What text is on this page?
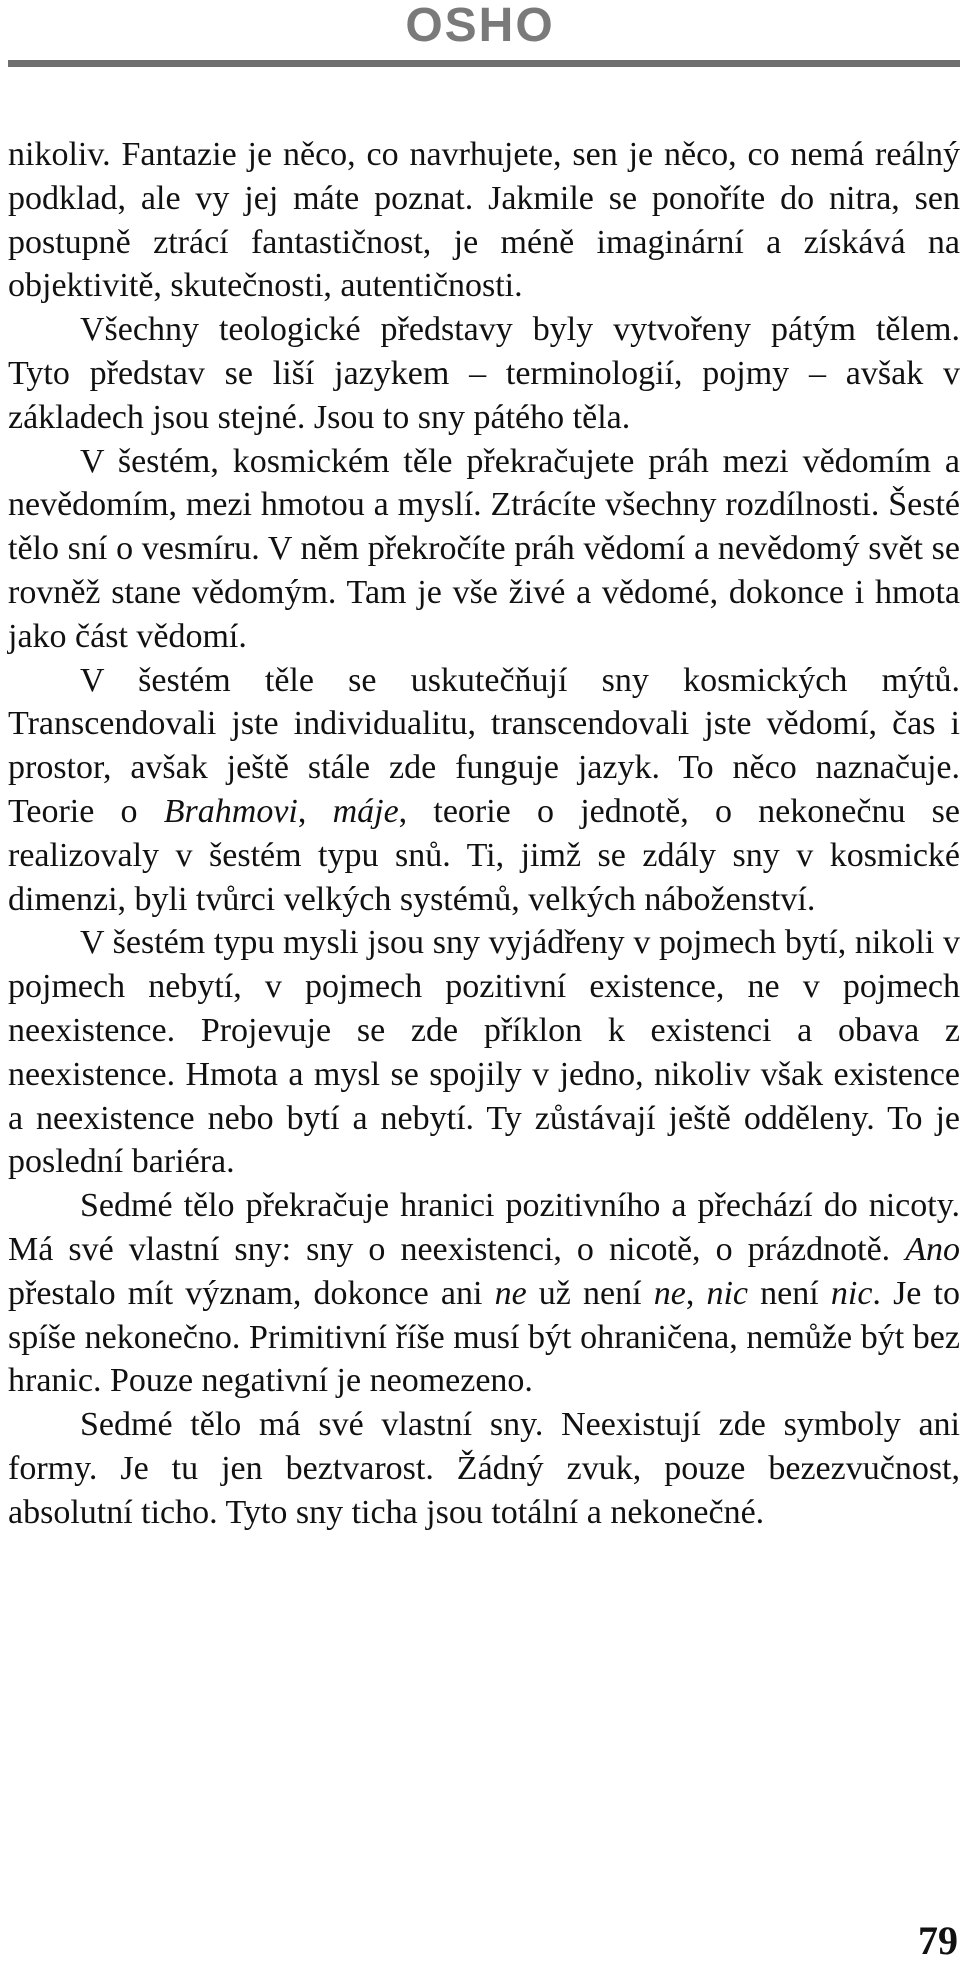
OSHO

nikoliv. Fantazie je něco, co navrhujete, sen je něco, co nemá reálný podklad, ale vy jej máte poznat. Jakmile se ponoříte do nitra, sen postupně ztrácí fantastičnost, je méně imaginární a získává na objektivitě, skutečnosti, autentičnosti.

Všechny teologické představy byly vytvořeny pátým tělem. Tyto představ se liší jazykem – terminologií, pojmy – avšak v základech jsou stejné. Jsou to sny pátého těla.

V šestém, kosmickém těle překračujete práh mezi vědomím a nevědomím, mezi hmotou a myslí. Ztrácíte všechny rozdílnosti. Šesté tělo sní o vesmíru. V něm překročíte práh vědomí a nevědomý svět se rovněž stane vědomým. Tam je vše živé a vědomé, dokonce i hmota jako část vědomí.

V šestém těle se uskutečňují sny kosmických mýtů. Transcendovali jste individualitu, transcendovali jste vědomí, čas i prostor, avšak ještě stále zde funguje jazyk. To něco naznačuje. Teorie o Brahmovi, máje, teorie o jednotě, o nekonečnu se realizovaly v šestém typu snů. Ti, jimž se zdály sny v kosmické dimenzi, byli tvůrci velkých systémů, velkých náboženství.

V šestém typu mysli jsou sny vyjádřeny v pojmech bytí, nikoli v pojmech nebytí, v pojmech pozitivní existence, ne v pojmech neexistence. Projevuje se zde příklon k existenci a obava z neexistence. Hmota a mysl se spojily v jedno, nikoliv však existence a neexistence nebo bytí a nebytí. Ty zůstávají ještě odděleny. To je poslední bariéra.

Sedmé tělo překračuje hranici pozitivního a přechází do nicoty. Má své vlastní sny: sny o neexistenci, o nicotě, o prázdnotě. Ano přestalo mít význam, dokonce ani ne už není ne, nic není nic. Je to spíše nekonečno. Primitivní říše musí být ohraničena, nemůže být bez hranic. Pouze negativní je neomezeno.

Sedmé tělo má své vlastní sny. Neexistují zde symboly ani formy. Je tu jen beztvarost. Žádný zvuk, pouze bezezvučnost, absolutní ticho. Tyto sny ticha jsou totální a nekonečné.

79
